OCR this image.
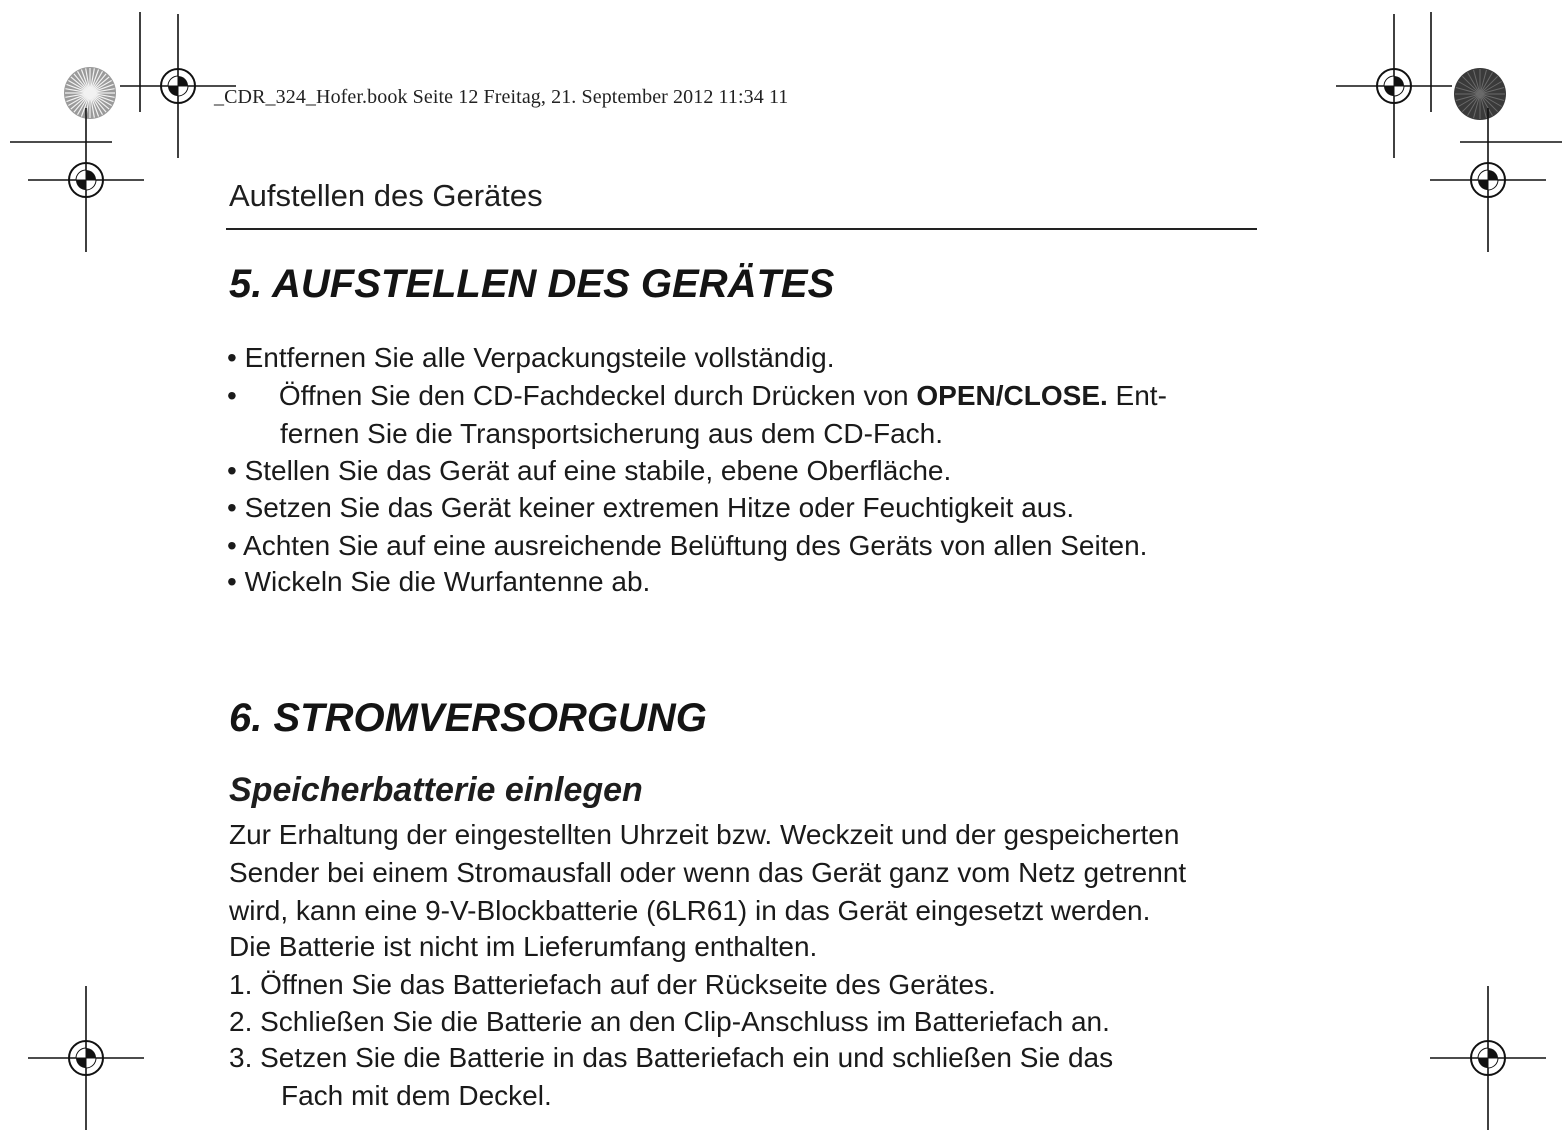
_CDR_324_Hofer.book Seite 12 Freitag, 21. September 2012 11:34 11
Aufstellen des Gerätes
5. AUFSTELLEN DES GERÄTES
• Entfernen Sie alle Verpackungsteile vollständig.
• Öffnen Sie den CD-Fachdeckel durch Drücken von OPEN/CLOSE. Ent-
fernen Sie die Transportsicherung aus dem CD-Fach.
• Stellen Sie das Gerät auf eine stabile, ebene Oberfläche.
• Setzen Sie das Gerät keiner extremen Hitze oder Feuchtigkeit aus.
• Achten Sie auf eine ausreichende Belüftung des Geräts von allen Seiten.
• Wickeln Sie die Wurfantenne ab.
6. STROMVERSORGUNG
Speicherbatterie einlegen
Zur Erhaltung der eingestellten Uhrzeit bzw. Weckzeit und der gespeicherten
Sender bei einem Stromausfall oder wenn das Gerät ganz vom Netz getrennt
wird, kann eine 9-V-Blockbatterie (6LR61) in das Gerät eingesetzt werden.
Die Batterie ist nicht im Lieferumfang enthalten.
1. Öffnen Sie das Batteriefach auf der Rückseite des Gerätes.
2. Schließen Sie die Batterie an den Clip-Anschluss im Batteriefach an.
3. Setzen Sie die Batterie in das Batteriefach ein und schließen Sie das
Fach mit dem Deckel.
